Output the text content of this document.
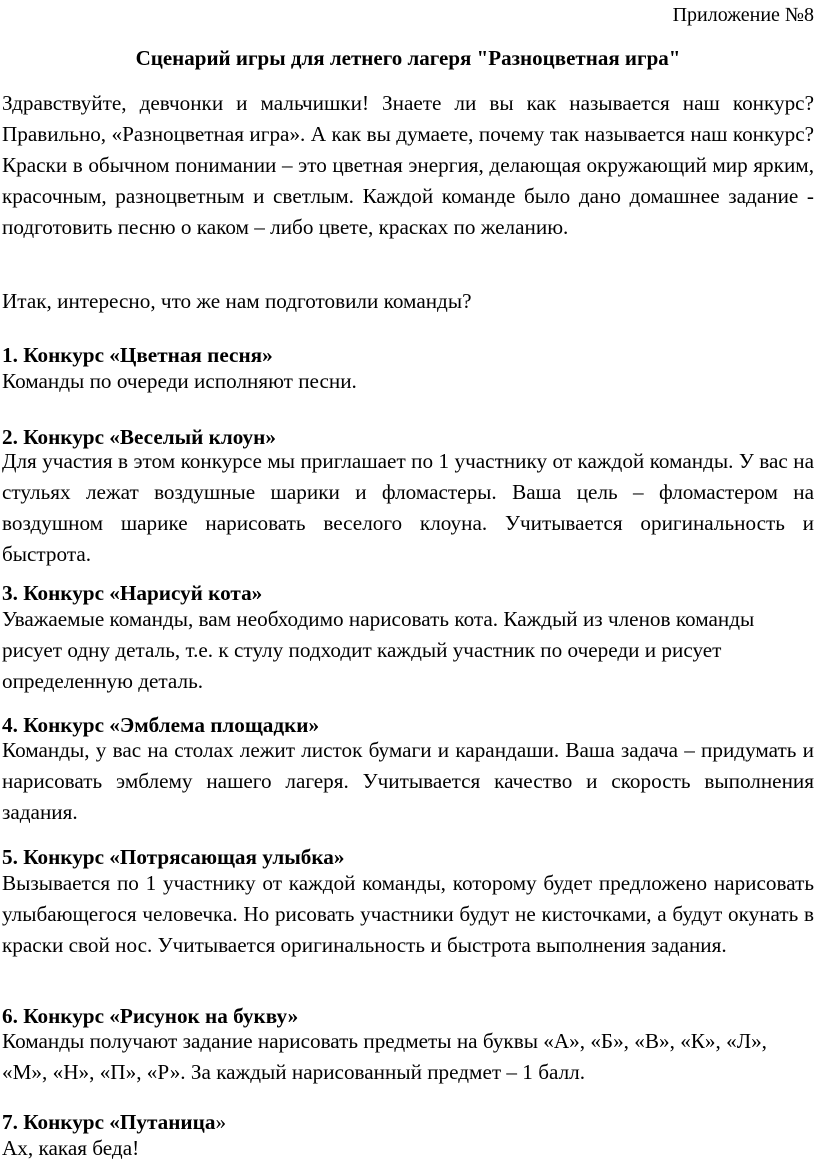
Приложение №8
Сценарий игры для летнего лагеря "Разноцветная игра"

Здравствуйте, девчонки и мальчишки! Знаете ли вы как называется наш конкурс? Правильно, «Разноцветная игра». А как вы думаете, почему так называется наш конкурс? Краски в обычном понимании – это цветная энергия, делающая окружающий мир ярким, красочным, разноцветным и светлым. Каждой команде было дано домашнее задание - подготовить песню о каком – либо цвете, красках по желанию.

Итак, интересно, что же нам подготовили команды?

1. Конкурс «Цветная песня»

Команды по очереди исполняют песни.

2. Конкурс «Веселый клоун»

Для участия в этом конкурсе мы приглашает по 1 участнику от каждой команды. У вас на стульях лежат воздушные шарики и фломастеры. Ваша цель – фломастером на воздушном шарике нарисовать веселого клоуна. Учитывается оригинальность и быстрота.

3. Конкурс «Нарисуй кота»

Уважаемые команды, вам необходимо нарисовать кота. Каждый из членов команды рисует одну деталь, т.е. к стулу подходит каждый участник по очереди и рисует определенную деталь.

4. Конкурс «Эмблема площадки»

Команды, у вас на столах лежит листок бумаги и карандаши. Ваша задача – придумать и нарисовать эмблему нашего лагеря. Учитывается качество и скорость выполнения задания.

5. Конкурс «Потрясающая улыбка»

Вызывается по 1 участнику от каждой команды, которому будет предложено нарисовать улыбающегося человечка. Но рисовать участники будут не кисточками, а будут окунать в краски свой нос. Учитывается оригинальность и быстрота выполнения задания.

6. Конкурс «Рисунок на букву»

Команды получают задание нарисовать предметы на буквы «А», «Б», «В», «К», «Л», «М», «Н», «П», «Р». За каждый нарисованный предмет – 1 балл.

7. Конкурс «Путаница»

Ах, какая беда!
